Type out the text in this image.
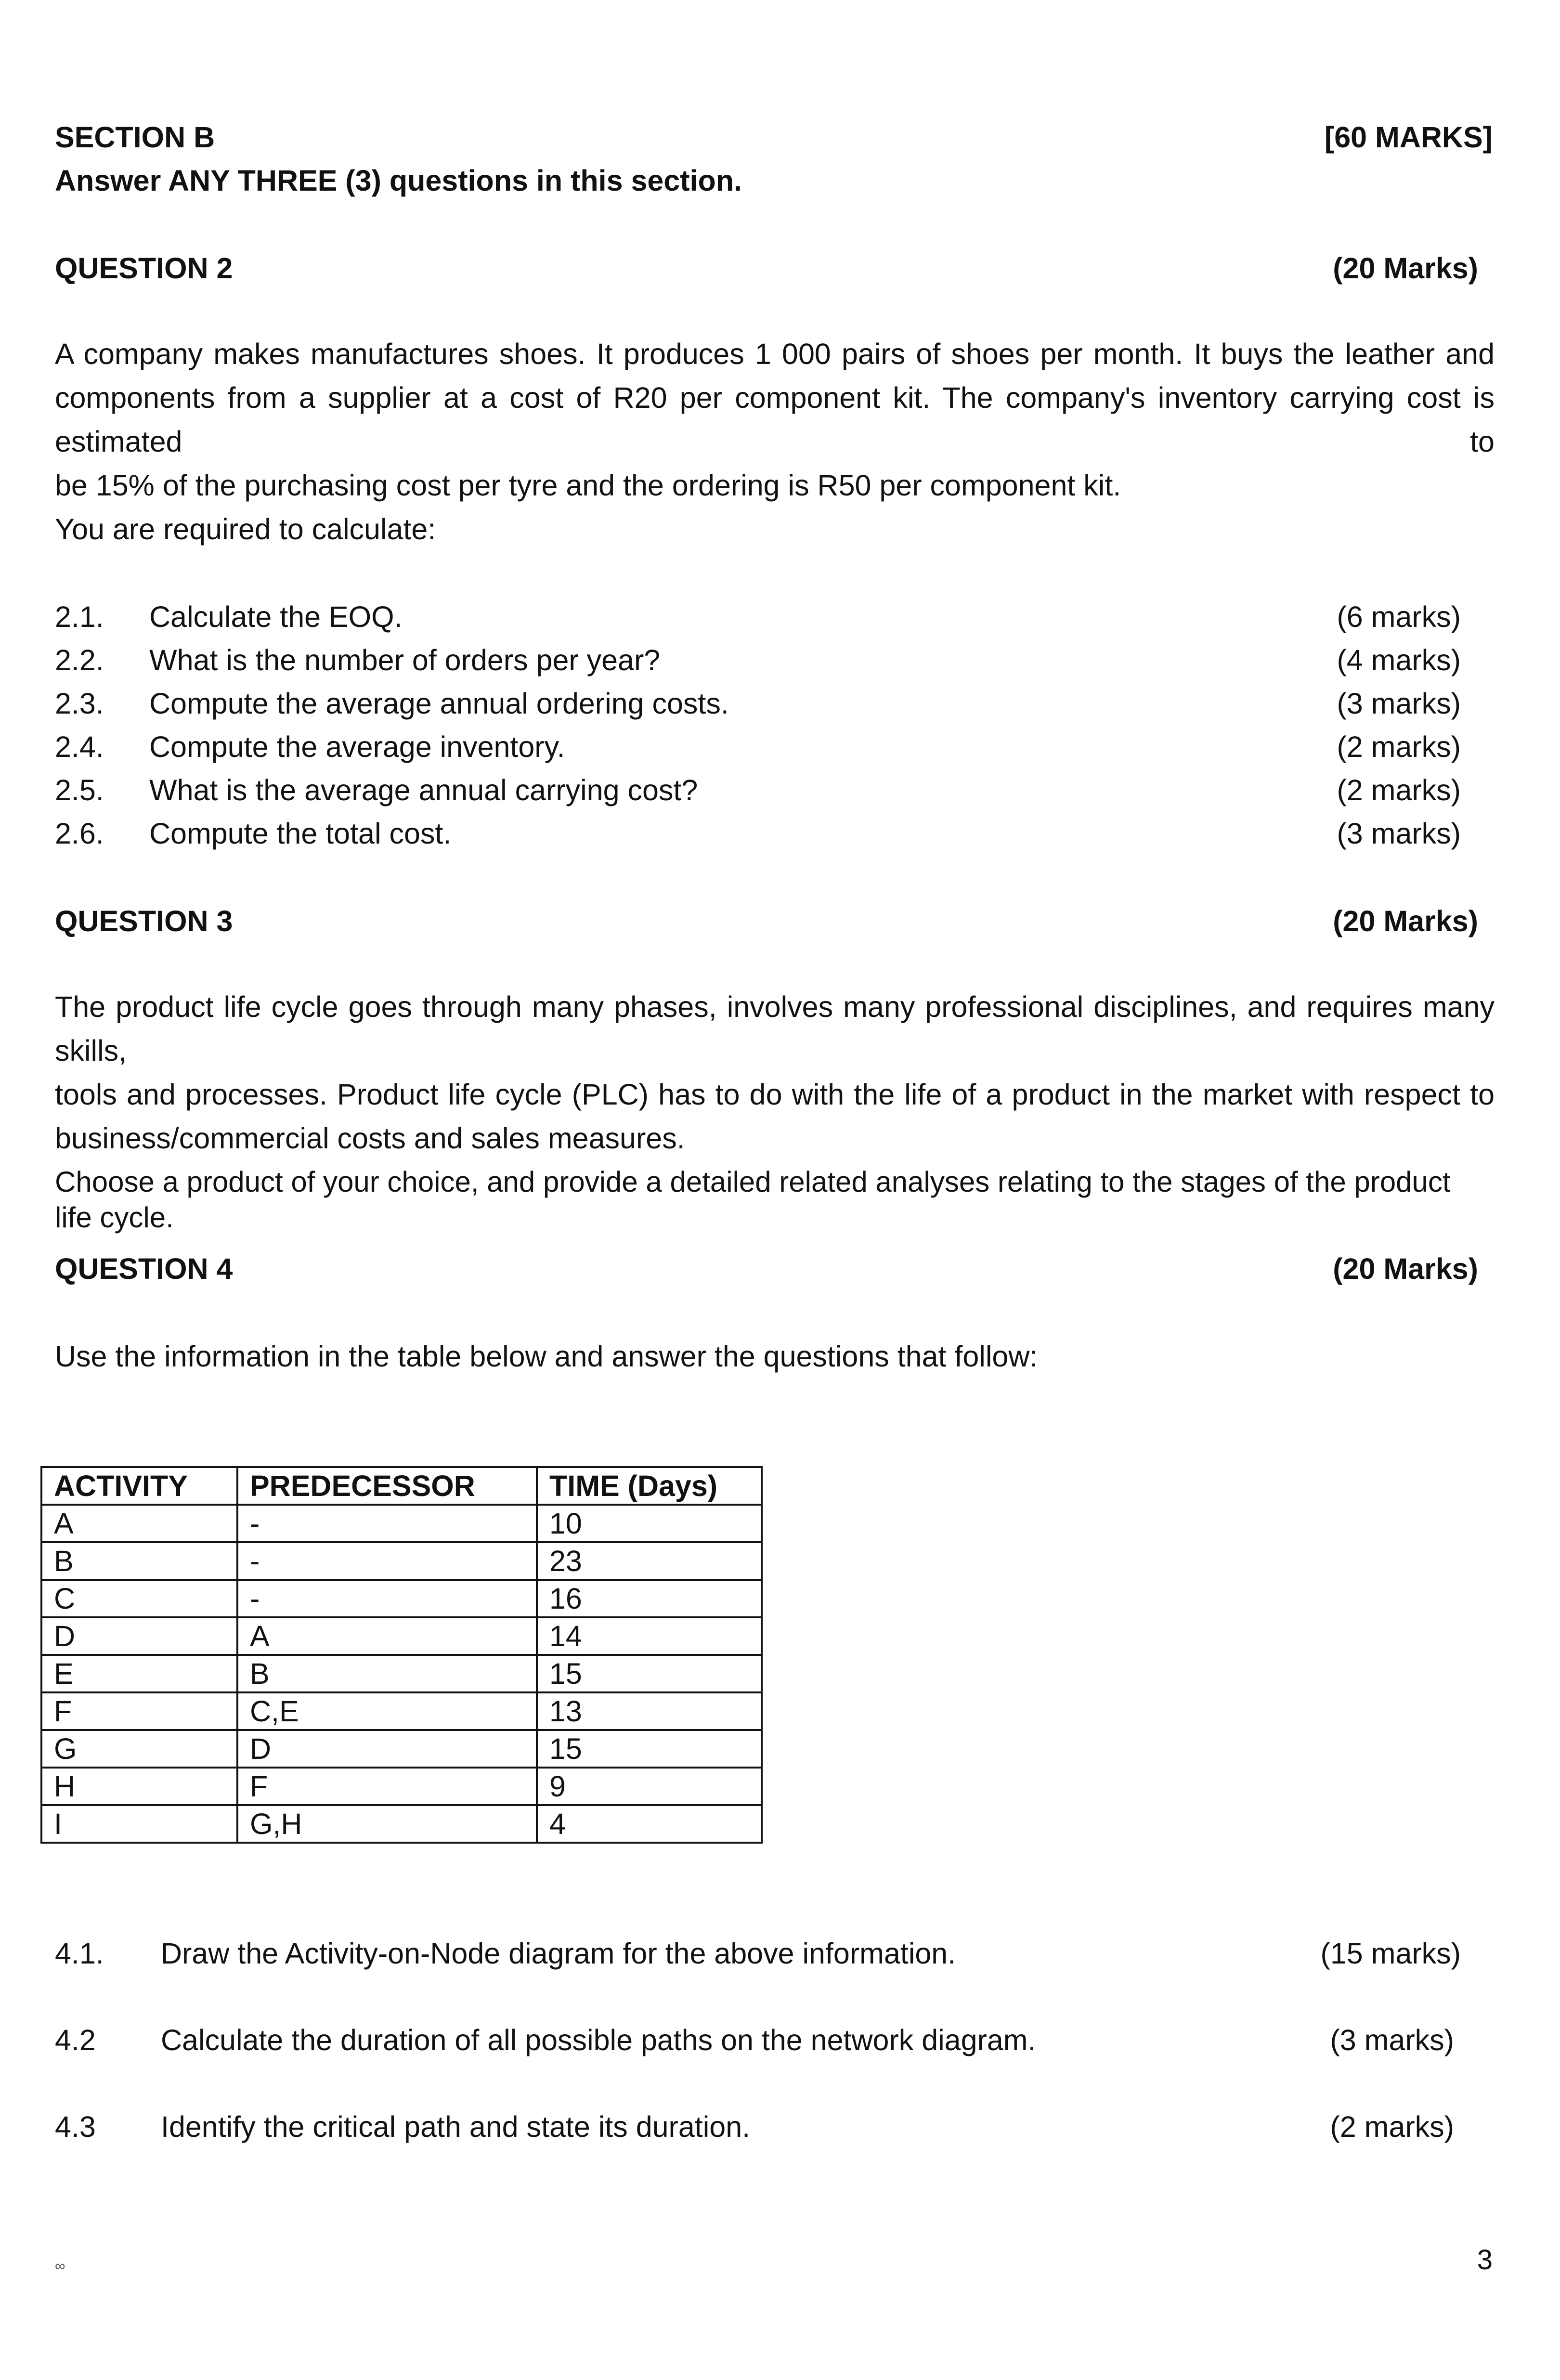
SECTION B	[60 MARKS]
Answer ANY THREE (3) questions in this section.
QUESTION 2	(20 Marks)
A company makes manufactures shoes. It produces 1 000 pairs of shoes per month. It buys the leather and
components from a supplier at a cost of R20 per component kit. The company's inventory carrying cost is estimated to
be 15% of the purchasing cost per tyre and the ordering is R50 per component kit.
You are required to calculate:
2.1. Calculate the EOQ.	(6 marks)
2.2. What is the number of orders per year?	(4 marks)
2.3. Compute the average annual ordering costs.	(3 marks)
2.4. Compute the average inventory.	(2 marks)
2.5. What is the average annual carrying cost?	(2 marks)
2.6. Compute the total cost.	(3 marks)
QUESTION 3	(20 Marks)
The product life cycle goes through many phases, involves many professional disciplines, and requires many skills,
tools and processes. Product life cycle (PLC) has to do with the life of a product in the market with respect to
business/commercial costs and sales measures.
Choose a product of your choice, and provide a detailed related analyses relating to the stages of the product life cycle.
QUESTION 4	(20 Marks)
Use the information in the table below and answer the questions that follow:
ACTIVITY	PREDECESSOR	TIME (Days)
A	-	10
B	-	23
C	-	16
D	A	14
E	B	15
F	C,E	13
G	D	15
H	F	9
I	G,H	4
4.1. Draw the Activity-on-Node diagram for the above information.	(15 marks)
4.2 Calculate the duration of all possible paths on the network diagram.	(3 marks)
4.3 Identify the critical path and state its duration.	(2 marks)
∞	3
